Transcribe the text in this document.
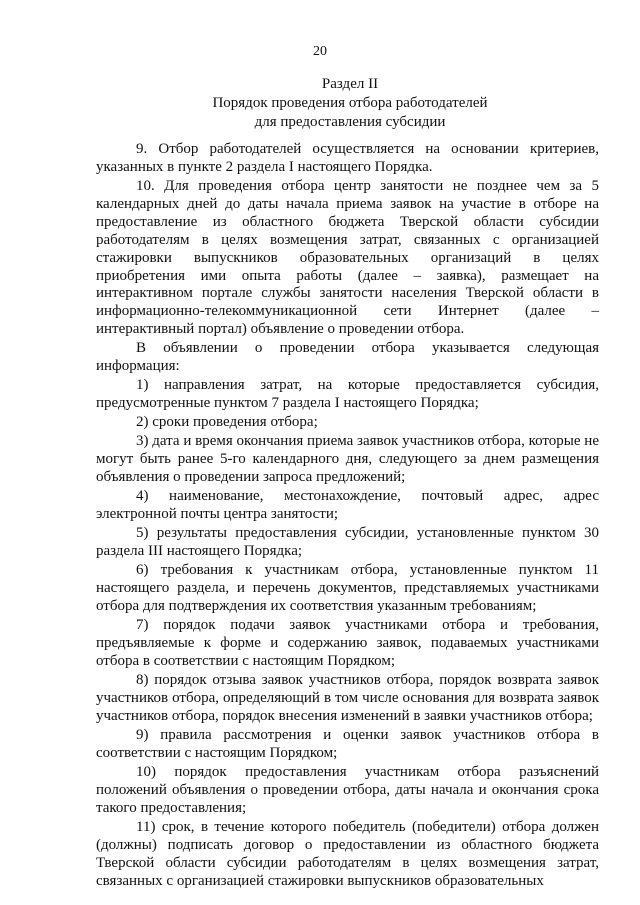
20
Раздел II
Порядок проведения отбора работодателей
для предоставления субсидии

9. Отбор работодателей осуществляется на основании критериев, указанных в пункте 2 раздела I настоящего Порядка.

10. Для проведения отбора центр занятости не позднее чем за 5 календарных дней до даты начала приема заявок на участие в отборе на предоставление из областного бюджета Тверской области субсидии работодателям в целях возмещения затрат, связанных с организацией стажировки выпускников образовательных организаций в целях приобретения ими опыта работы (далее – заявка), размещает на интерактивном портале службы занятости населения Тверской области в информационно-телекоммуникационной сети Интернет (далее – интерактивный портал) объявление о проведении отбора.

В объявлении о проведении отбора указывается следующая информация:

1) направления затрат, на которые предоставляется субсидия, предусмотренные пунктом 7 раздела I настоящего Порядка;

2) сроки проведения отбора;

3) дата и время окончания приема заявок участников отбора, которые не могут быть ранее 5-го календарного дня, следующего за днем размещения объявления о проведении запроса предложений;

4) наименование, местонахождение, почтовый адрес, адрес электронной почты центра занятости;

5) результаты предоставления субсидии, установленные пунктом 30 раздела III настоящего Порядка;

6) требования к участникам отбора, установленные пунктом 11 настоящего раздела, и перечень документов, представляемых участниками отбора для подтверждения их соответствия указанным требованиям;

7) порядок подачи заявок участниками отбора и требования, предъявляемые к форме и содержанию заявок, подаваемых участниками отбора в соответствии с настоящим Порядком;

8) порядок отзыва заявок участников отбора, порядок возврата заявок участников отбора, определяющий в том числе основания для возврата заявок участников отбора, порядок внесения изменений в заявки участников отбора;

9) правила рассмотрения и оценки заявок участников отбора в соответствии с настоящим Порядком;

10) порядок предоставления участникам отбора разъяснений положений объявления о проведении отбора, даты начала и окончания срока такого предоставления;

11) срок, в течение которого победитель (победители) отбора должен (должны) подписать договор о предоставлении из областного бюджета Тверской области субсидии работодателям в целях возмещения затрат, связанных с организацией стажировки выпускников образовательных
